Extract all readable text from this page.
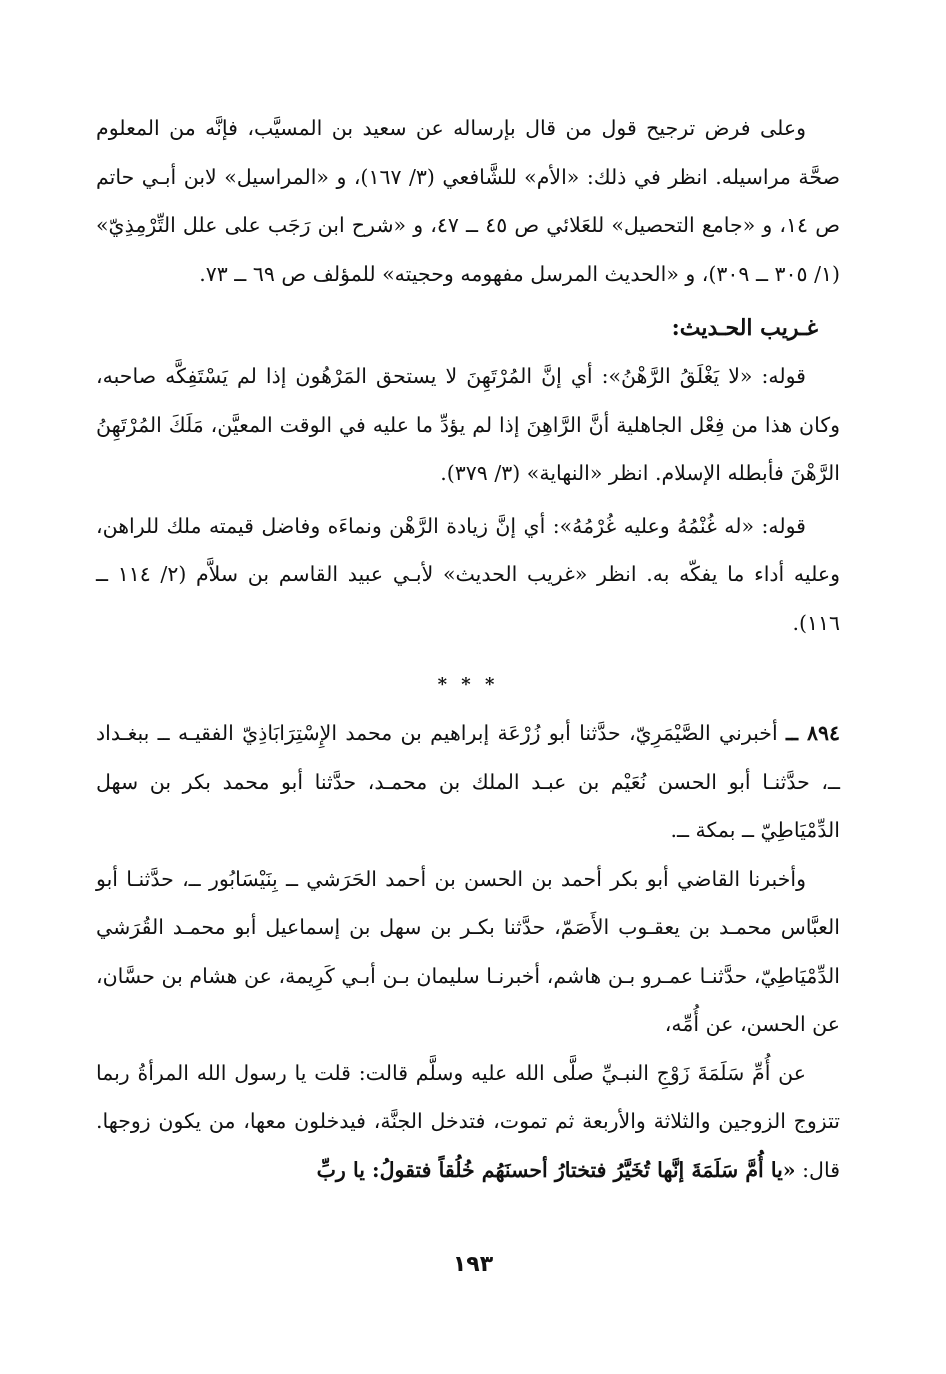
وعلى فرض ترجيح قول من قال بإرساله عن سعيد بن المسيَّب، فإنَّه من المعلوم صحَّة مراسيله. انظر في ذلك: «الأم» للشَّافعي (٣/ ١٦٧)، و «المراسيل» لابن أبـي حاتم ص ١٤، و «جامع التحصيل» للعَلائي ص ٤٥ ــ ٤٧، و «شرح ابن رَجَب على علل التِّرْمِذِيّ» (١/ ٣٠٥ ــ ٣٠٩)، و «الحديث المرسل مفهومه وحجيته» للمؤلف ص ٦٩ ــ ٧٣.

غـريب الحـديث:

قوله: «لا يَغْلَقُ الرَّهْنُ»: أي إنَّ المُرْتَهِنَ لا يستحق المَرْهُون إذا لم يَسْتَفِكَّه صاحبه، وكان هذا من فِعْل الجاهلية أنَّ الرَّاهِنَ إذا لم يؤدِّ ما عليه في الوقت المعيَّن، مَلَكَ المُرْتَهِنُ الرَّهْنَ فأبطله الإسلام. انظر «النهاية» (٣/ ٣٧٩).

قوله: «له غُنْمُهُ وعليه غُرْمُهُ»: أي إنَّ زيادة الرَّهْن ونماءَه وفاضل قيمته ملك للراهن، وعليه أداء ما يفكّه به. انظر «غريب الحديث» لأبـي عبيد القاسم بن سلاَّم (٢/ ١١٤ ــ ١١٦).

* * *

٨٩٤ ــ أخبرني الصَّيْمَرِيّ، حدَّثنا أبو زُرْعَة إبراهيم بن محمد الإِسْتِرَابَاذِيّ الفقيـه ــ ببغـداد ــ، حدَّثنـا أبو الحسن نُعَيْم بن عبـد الملك بن محمـد، حدَّثنا أبو محمد بكر بن سهل الدِّمْيَاطِيّ ــ بمكة ــ.

وأخبرنا القاضي أبو بكر أحمد بن الحسن بن أحمد الحَرَشي ــ بِنَيْسَابُور ــ، حدَّثنـا أبو العبَّاس محمـد بن يعقـوب الأَصَمّ، حدَّثنا بكـر بن سهل بن إسماعيل أبو محمـد القُرَشي الدِّمْيَاطِيّ، حدَّثنـا عمـرو بـن هاشم، أخبرنـا سليمان بـن أبـي كَرِيمة، عن هشام بن حسَّان، عن الحسن، عن أُمِّه،

عن أُمِّ سَلَمَةَ زَوْجِ النبـيِّ صلَّى الله عليه وسلَّم قالت: قلت يا رسول الله المرأةُ ربما تتزوج الزوجين والثلاثة والأربعة ثم تموت، فتدخل الجنَّة، فيدخلون معها، من يكون زوجها. قال: «يا أُمَّ سَلَمَةَ إنَّها تُخَيَّرُ فتختارُ أحسنَهُم خُلُقاً فتقولُ: يا ربِّ

١٩٣
